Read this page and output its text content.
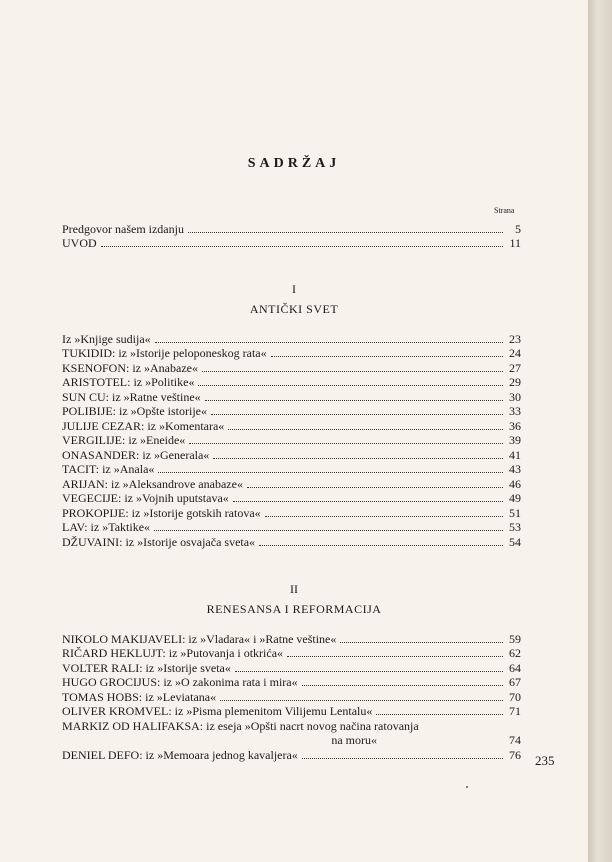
SADRŽAJ
Strana
Predgovor našem izdanju	5
UVOD	11
I
ANTIČKI SVET
Iz »Knjige sudija«	23
TUKIDID: iz »Istorije peloponeskog rata«	24
KSENOFON: iz »Anabaze«	27
ARISTOTEL: iz »Politike«	29
SUN CU: iz »Ratne veštine«	30
POLIBIJE: iz »Opšte istorije«	33
JULIJE CEZAR: iz »Komentara«	36
VERGILIJE: iz »Eneide«	39
ONASANDER: iz »Generala«	41
TACIT: iz »Anala«	43
ARIJAN: iz »Aleksandrove anabaze«	46
VEGECIJE: iz »Vojnih uputstava«	49
PROKOPIJE: iz »Istorije gotskih ratova«	51
LAV: iz »Taktike«	53
DŽUVAINI: iz »Istorije osvajača sveta«	54
II
RENESANSA I REFORMACIJA
NIKOLO MAKIJAVELI: iz »Vladara« i »Ratne veštine«	59
RIČARD HEKLUJT: iz »Putovanja i otkrića«	62
VOLTER RALI: iz »Istorije sveta«	64
HUGO GROCIJUS: iz »O zakonima rata i mira«	67
TOMAS HOBS: iz »Leviatana«	70
OLIVER KROMVEL: iz »Pisma plemenitom Vilijemu Lentalu«	71
MARKIZ OD HALIFAKSA: iz eseja »Opšti nacrt novog načina ratovanja
na moru«	74
DENIEL DEFO: iz »Memoara jednog kavaljera«	76 235
